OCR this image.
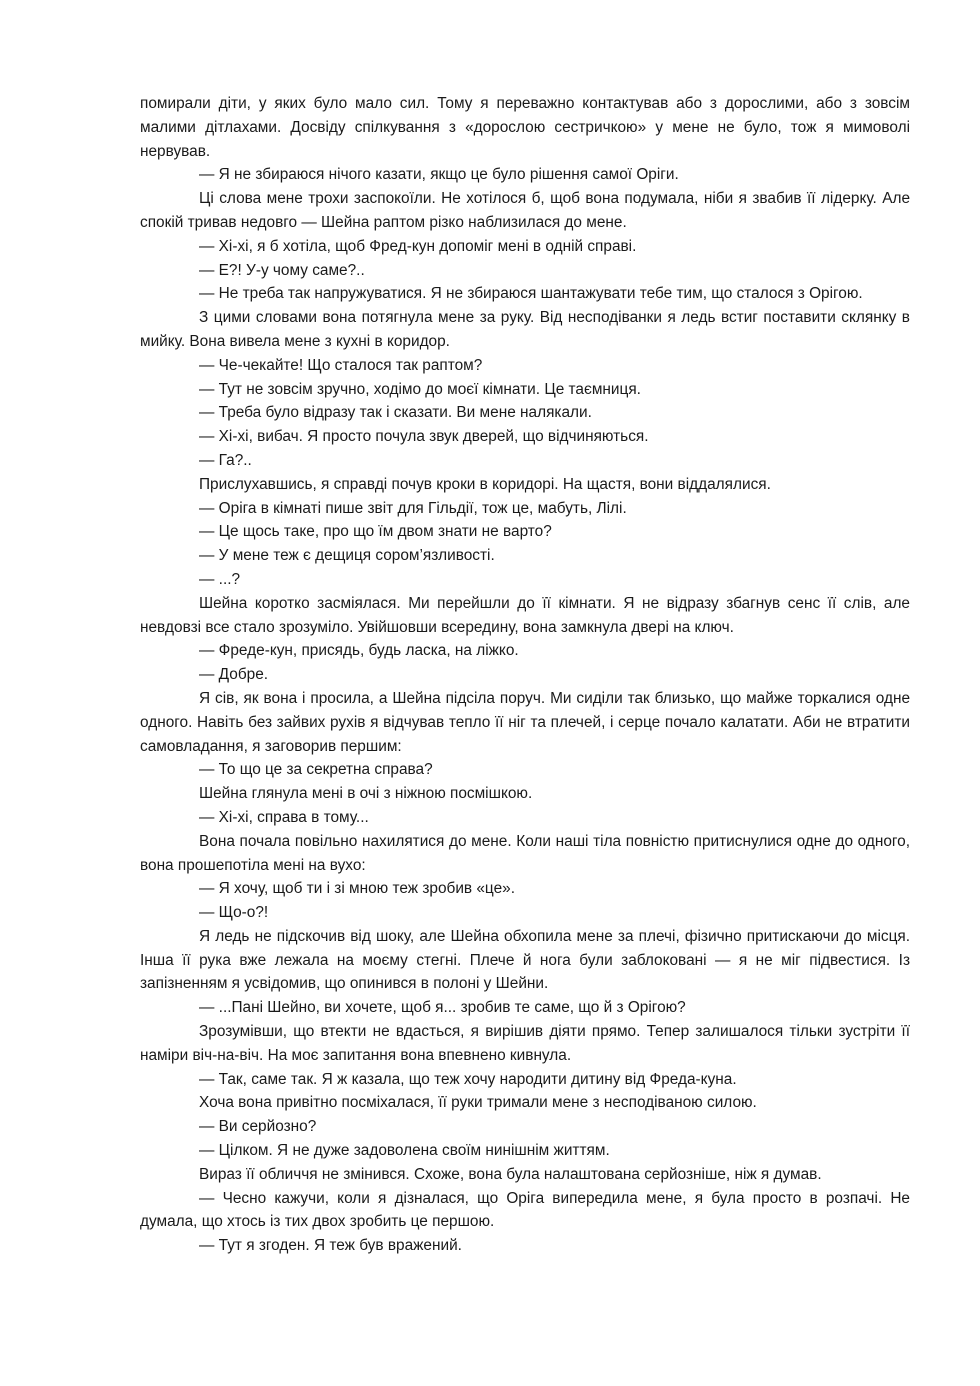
помирали діти, у яких було мало сил. Тому я переважно контактував або з дорослими, або з зовсім малими дітлахами. Досвіду спілкування з «дорослою сестричкою» у мене не було, тож я мимоволі нервував.

— Я не збираюся нічого казати, якщо це було рішення самої Оріги.

Ці слова мене трохи заспокоїли. Не хотілося б, щоб вона подумала, ніби я звабив її лідерку. Але спокій тривав недовго — Шейна раптом різко наблизилася до мене.

— Хі-хі, я б хотіла, щоб Фред-кун допоміг мені в одній справі.

— Е?! У-у чому саме?..

— Не треба так напружуватися. Я не збираюся шантажувати тебе тим, що сталося з Орігою.

З цими словами вона потягнула мене за руку. Від несподіванки я ледь встиг поставити склянку в мийку. Вона вивела мене з кухні в коридор.

— Че-чекайте! Що сталося так раптом?

— Тут не зовсім зручно, ходімо до моєї кімнати. Це таємниця.

— Треба було відразу так і сказати. Ви мене налякали.

— Хі-хі, вибач. Я просто почула звук дверей, що відчиняються.

— Га?..

Прислухавшись, я справді почув кроки в коридорі. На щастя, вони віддалялися.

— Оріга в кімнаті пише звіт для Гільдії, тож це, мабуть, Лілі.

— Це щось таке, про що їм двом знати не варто?

— У мене теж є дещиця сором’язливості.

— ...?

Шейна коротко засміялася. Ми перейшли до її кімнати. Я не відразу збагнув сенс її слів, але невдовзі все стало зрозуміло. Увійшовши всередину, вона замкнула двері на ключ.

— Фреде-кун, присядь, будь ласка, на ліжко.

— Добре.

Я сів, як вона і просила, а Шейна підсіла поруч. Ми сиділи так близько, що майже торкалися одне одного. Навіть без зайвих рухів я відчував тепло її ніг та плечей, і серце почало калатати. Аби не втратити самовладання, я заговорив першим:

— То що це за секретна справа?

Шейна глянула мені в очі з ніжною посмішкою.

— Хі-хі, справа в тому...

Вона почала повільно нахилятися до мене. Коли наші тіла повністю притиснулися одне до одного, вона прошепотіла мені на вухо:

— Я хочу, щоб ти і зі мною теж зробив «це».

— Що-о?!

Я ледь не підскочив від шоку, але Шейна обхопила мене за плечі, фізично притискаючи до місця. Інша її рука вже лежала на моєму стегні. Плече й нога були заблоковані — я не міг підвестися. Із запізненням я усвідомив, що опинився в полоні у Шейни.

— ...Пані Шейно, ви хочете, щоб я... зробив те саме, що й з Орігою?

Зрозумівши, що втекти не вдасться, я вирішив діяти прямо. Тепер залишалося тільки зустріти її наміри віч-на-віч. На моє запитання вона впевнено кивнула.

— Так, саме так. Я ж казала, що теж хочу народити дитину від Фреда-куна.

Хоча вона привітно посміхалася, її руки тримали мене з несподіваною силою.

— Ви серйозно?

— Цілком. Я не дуже задоволена своїм нинішнім життям.

Вираз її обличчя не змінився. Схоже, вона була налаштована серйозніше, ніж я думав.

— Чесно кажучи, коли я дізналася, що Оріга випередила мене, я була просто в розпачі. Не думала, що хтось із тих двох зробить це першою.

— Тут я згоден. Я теж був вражений.
